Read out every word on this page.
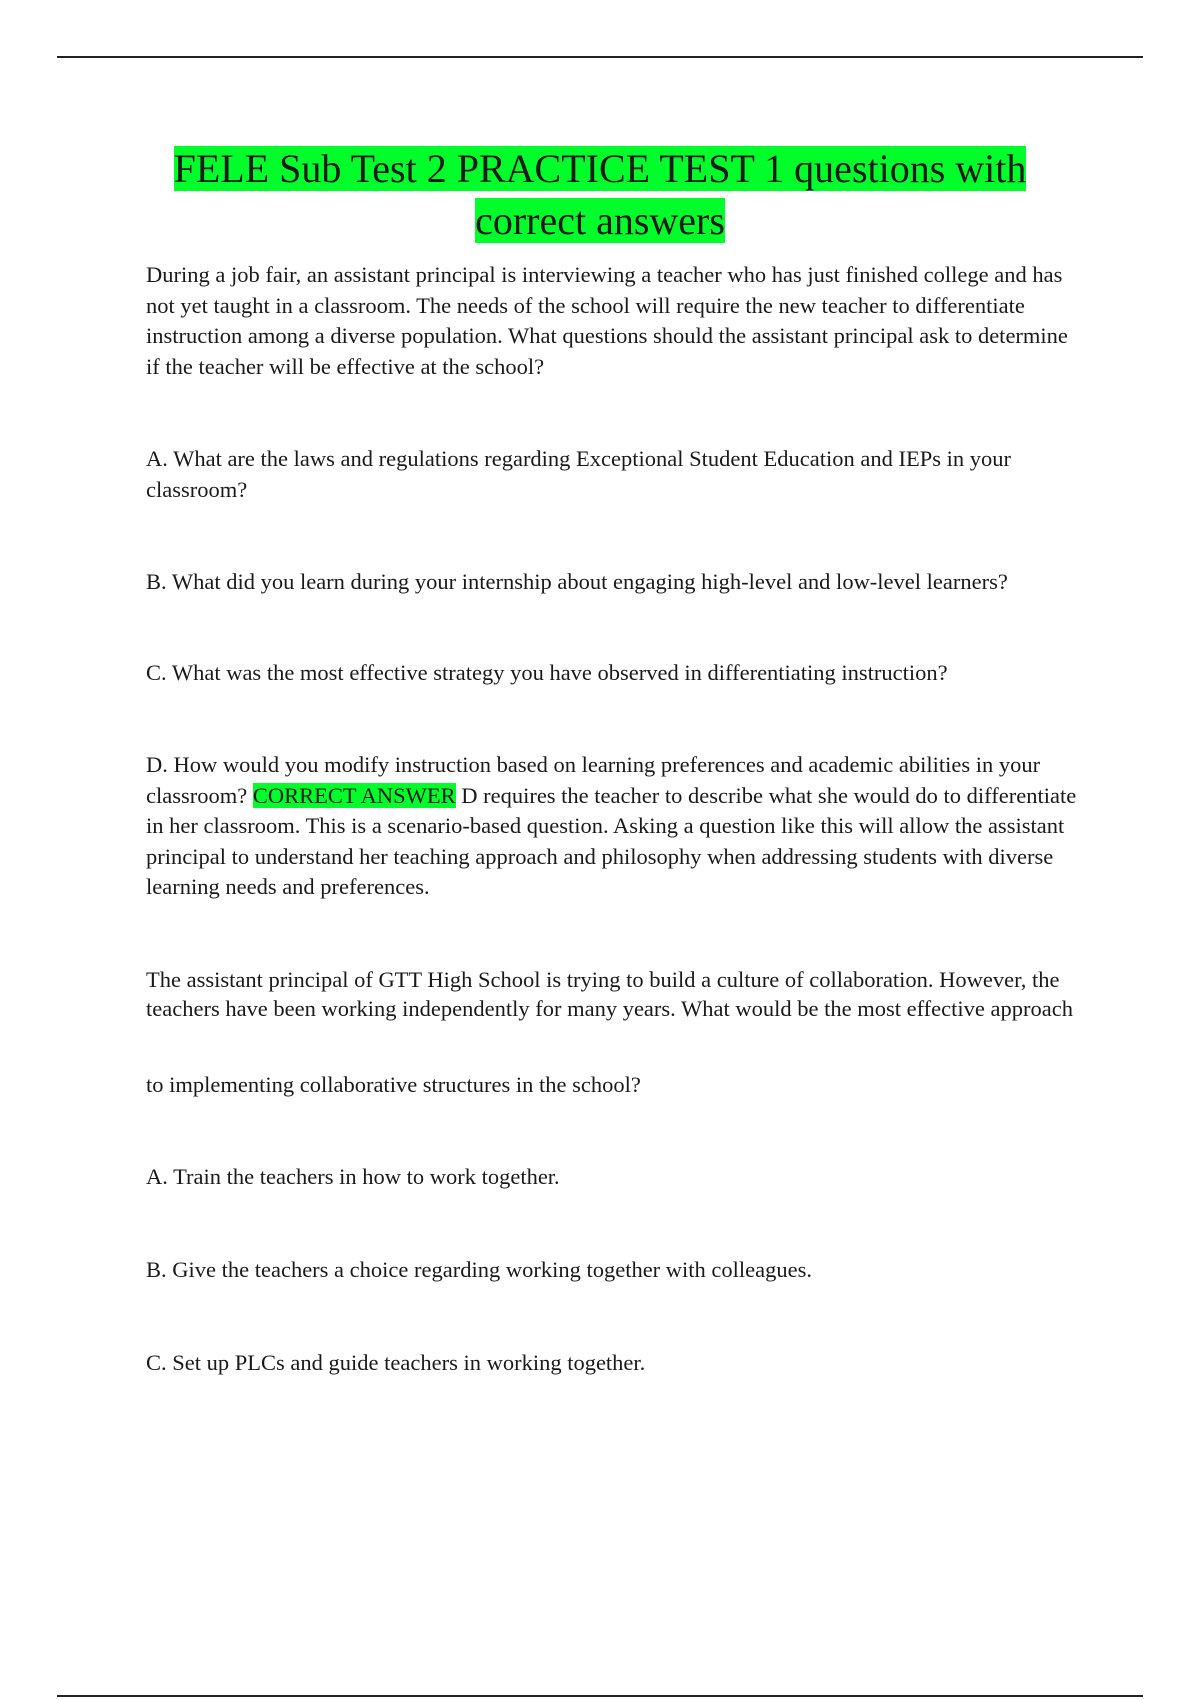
FELE Sub Test 2 PRACTICE TEST 1 questions with correct answers

During a job fair, an assistant principal is interviewing a teacher who has just finished college and has not yet taught in a classroom. The needs of the school will require the new teacher to differentiate instruction among a diverse population. What questions should the assistant principal ask to determine if the teacher will be effective at the school?

A. What are the laws and regulations regarding Exceptional Student Education and IEPs in your classroom?

B. What did you learn during your internship about engaging high-level and low-level learners?

C. What was the most effective strategy you have observed in differentiating instruction?

D. How would you modify instruction based on learning preferences and academic abilities in your classroom? CORRECT ANSWER D requires the teacher to describe what she would do to differentiate in her classroom. This is a scenario-based question. Asking a question like this will allow the assistant principal to understand her teaching approach and philosophy when addressing students with diverse learning needs and preferences.

The assistant principal of GTT High School is trying to build a culture of collaboration. However, the teachers have been working independently for many years. What would be the most effective approach

to implementing collaborative structures in the school?

A. Train the teachers in how to work together.

B. Give the teachers a choice regarding working together with colleagues.

C. Set up PLCs and guide teachers in working together.
